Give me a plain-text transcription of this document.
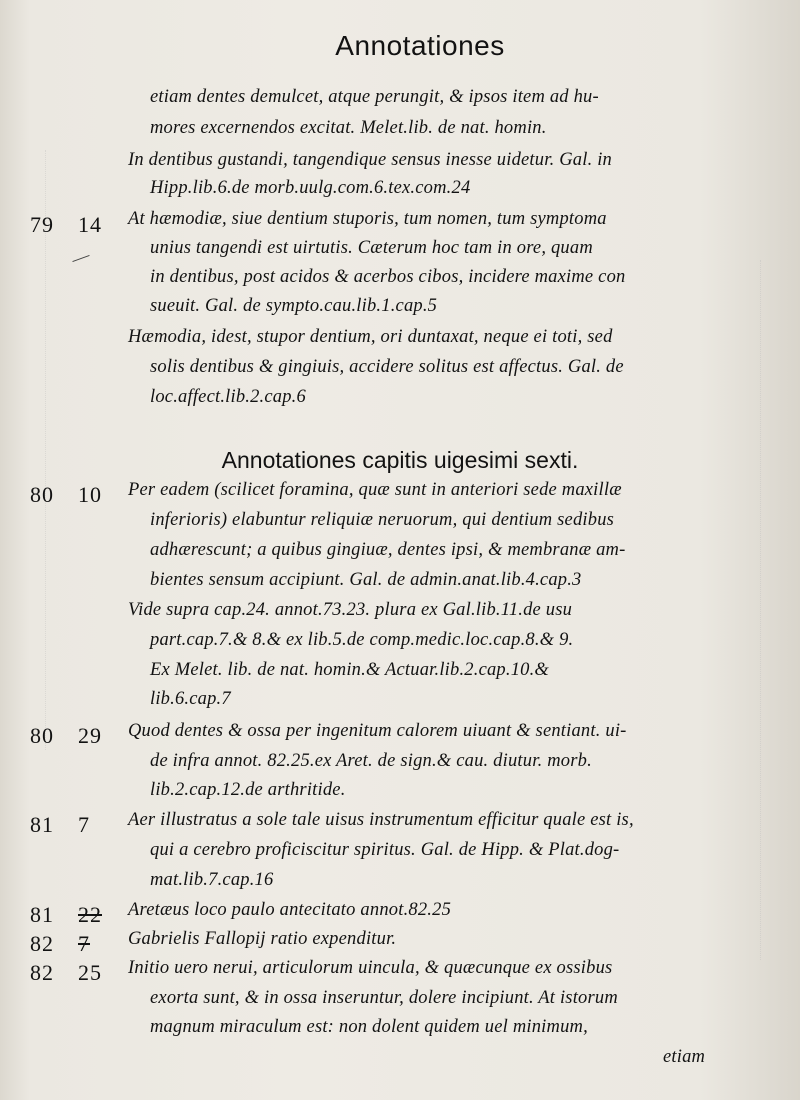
Annotationes
etiam dentes demulcet, atque perungit, & ipsos item ad hu-
mores excernendos excitat. Melet.lib. de nat. homin.
In dentibus gustandi, tangendique sensus inesse uidetur. Gal. in
Hipp.lib.6.de morb.uulg.com.6.tex.com.24
79 14 At hæmodiæ, siue dentium stuporis, tum nomen, tum symptoma
unius tangendi est uirtutis. Cæterum hoc tam in ore, quam
in dentibus, post acidos & acerbos cibos, incidere maxime con
sueuit. Gal. de sympto.cau.lib.1.cap.5
Hæmodia, idest, stupor dentium, ori duntaxat, neque ei toti, sed
solis dentibus & gingiuis, accidere solitus est affectus. Gal. de
loc.affect.lib.2.cap.6
Annotationes capitis uigesimi sexti.
80 10 Per eadem (scilicet foramina, quæ sunt in anteriori sede maxillæ
inferioris) elabuntur reliquiæ neruorum, qui dentium sedibus
adhærescunt; a quibus gingiuæ, dentes ipsi, & membranæ am-
bientes sensum accipiunt. Gal. de admin.anat.lib.4.cap.3
Vide supra cap.24. annot.73.23. plura ex Gal.lib.11.de usu
part.cap.7.& 8.& ex lib.5.de comp.medic.loc.cap.8.& 9.
Ex Melet. lib. de nat. homin.& Actuar.lib.2.cap.10.&
lib.6.cap.7
80 29 Quod dentes & ossa per ingenitum calorem uiuant & sentiant. ui-
de infra annot. 82.25.ex Aret. de sign.& cau. diutur. morb.
lib.2.cap.12.de arthritide.
81 7 Aer illustratus a sole tale uisus instrumentum efficitur quale est is,
qui a cerebro proficiscitur spiritus. Gal. de Hipp. & Plat.dog-
mat.lib.7.cap.16
81 22 Aretæus loco paulo antecitato annot.82.25
82 7 Gabrielis Fallopij ratio expenditur.
82 25 Initio uero nerui, articulorum uincula, & quæcunque ex ossibus
exorta sunt, & in ossa inseruntur, dolere incipiunt. At istorum
magnum miraculum est: non dolent quidem uel minimum,
etiam
